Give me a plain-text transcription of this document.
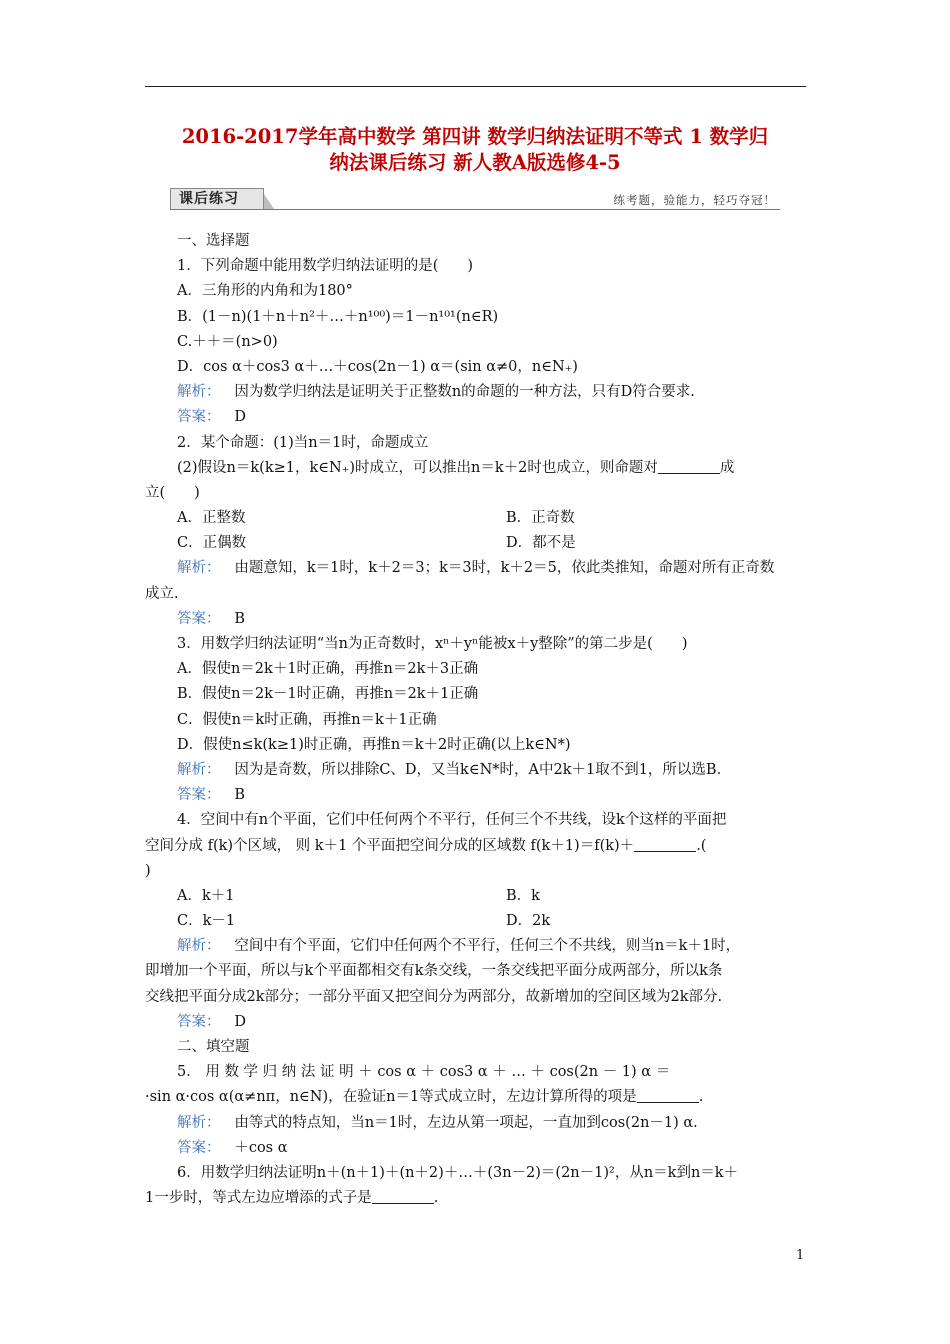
2016-2017学年高中数学 第四讲 数学归纳法证明不等式 1 数学归
纳法课后练习 新人教A版选修4-5
课后练习	练考题，验能力，轻巧夺冠！
一、选择题
1．下列命题中能用数学归纳法证明的是(　　)
A．三角形的内角和为180°
B．(1－n)(1＋n＋n²＋…＋n¹⁰⁰)＝1－n¹⁰¹(n∈R)
C.＋＋＝(n>0)
D．cos α＋cos3 α＋…＋cos(2n－1) α＝(sin α≠0，n∈N₊)
解析： 因为数学归纳法是证明关于正整数n的命题的一种方法，只有D符合要求.
答案： D
2．某个命题：(1)当n＝1时，命题成立
(2)假设n＝k(k≥1，k∈N₊)时成立，可以推出n＝k＋2时也成立，则命题对	成
立(　　)
A．正整数	B．正奇数
C．正偶数	D．都不是
解析： 由题意知，k＝1时，k＋2＝3；k＝3时，k＋2＝5，依此类推知，命题对所有正奇数
成立.
答案： B
3．用数学归纳法证明“当n为正奇数时，xⁿ＋yⁿ能被x＋y整除”的第二步是(　　)
A．假使n＝2k＋1时正确，再推n＝2k＋3正确
B．假使n＝2k－1时正确，再推n＝2k＋1正确
C．假使n＝k时正确，再推n＝k＋1正确
D．假使n≤k(k≥1)时正确，再推n＝k＋2时正确(以上k∈N*)
解析： 因为是奇数，所以排除C、D，又当k∈N*时，A中2k＋1取不到1，所以选B.
答案： B
4．空间中有n个平面，它们中任何两个不平行，任何三个不共线，设k个这样的平面把
空间分成 f(k)个区域， 则 k＋1 个平面把空间分成的区域数 f(k＋1)＝f(k)＋	.(
)
A．k＋1	B．k
C．k－1	D．2k
解析： 空间中有个平面，它们中任何两个不平行，任何三个不共线，则当n＝k＋1时，
即增加一个平面，所以与k个平面都相交有k条交线，一条交线把平面分成两部分，所以k条
交线把平面分成2k部分；一部分平面又把空间分为两部分，故新增加的空间区域为2k部分.
答案： D
二、填空题
5． 用 数 学 归 纳 法 证 明 ＋ cos α ＋ cos3 α ＋ … ＋ cos(2n － 1) α ＝
·sin α·cos α(α≠nπ，n∈N)，在验证n＝1等式成立时，左边计算所得的项是	.
解析： 由等式的特点知，当n＝1时，左边从第一项起，一直加到cos(2n－1) α.
答案： ＋cos α
6．用数学归纳法证明n＋(n＋1)＋(n＋2)＋…＋(3n－2)＝(2n－1)²，从n＝k到n＝k＋
1一步时，等式左边应增添的式子是	.
1
